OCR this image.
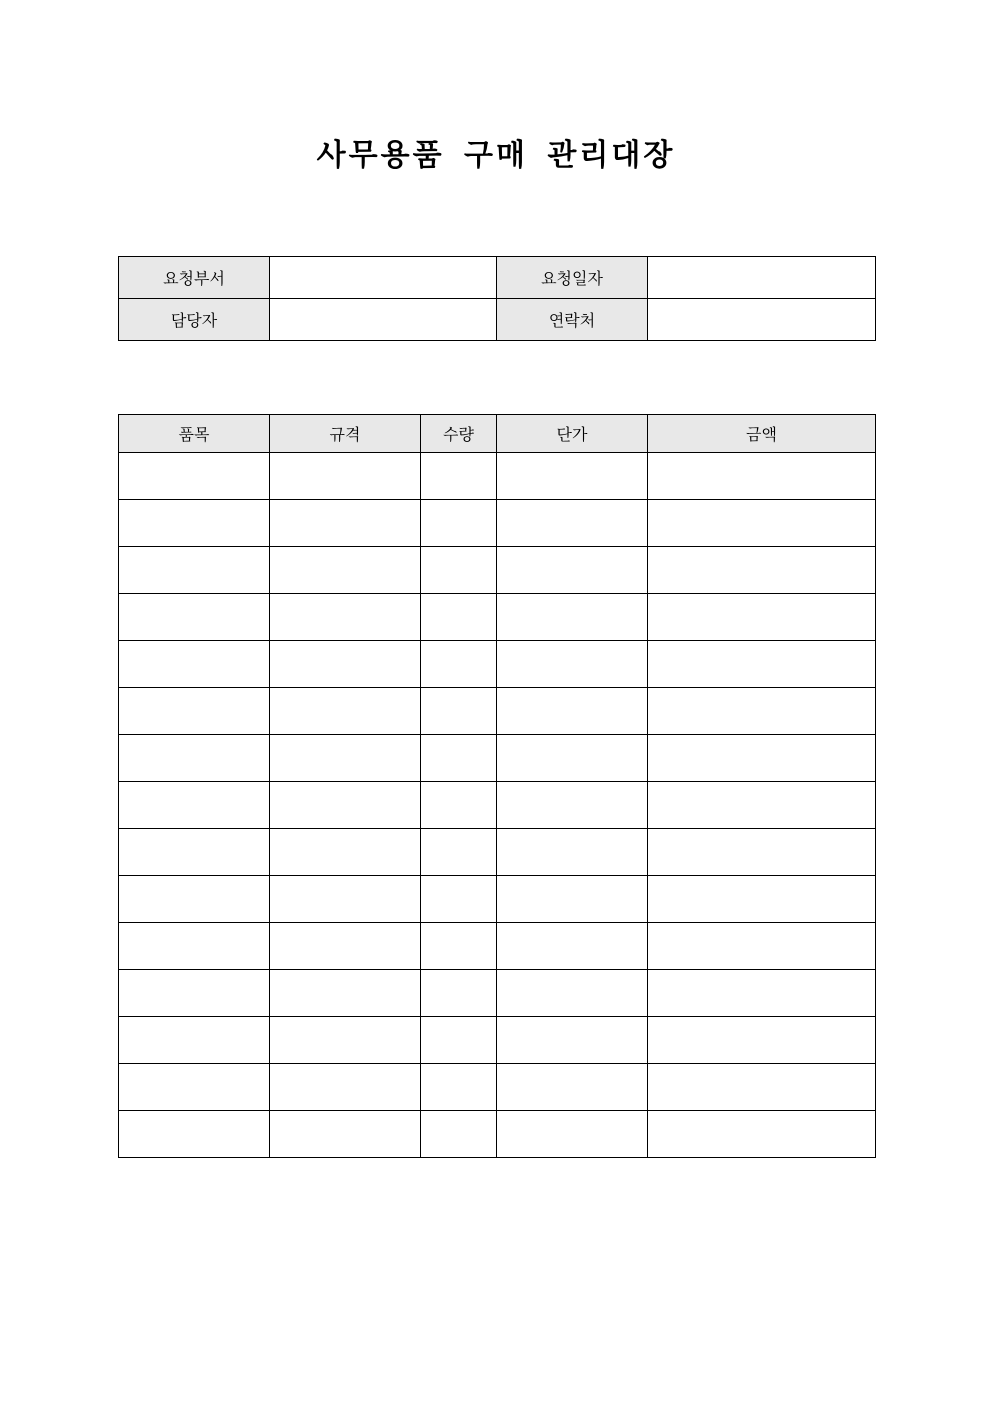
사무용품 구매 관리대장
요청부서		요청일자	
담당자		연락처	
품목	규격	수량	단가	금액
